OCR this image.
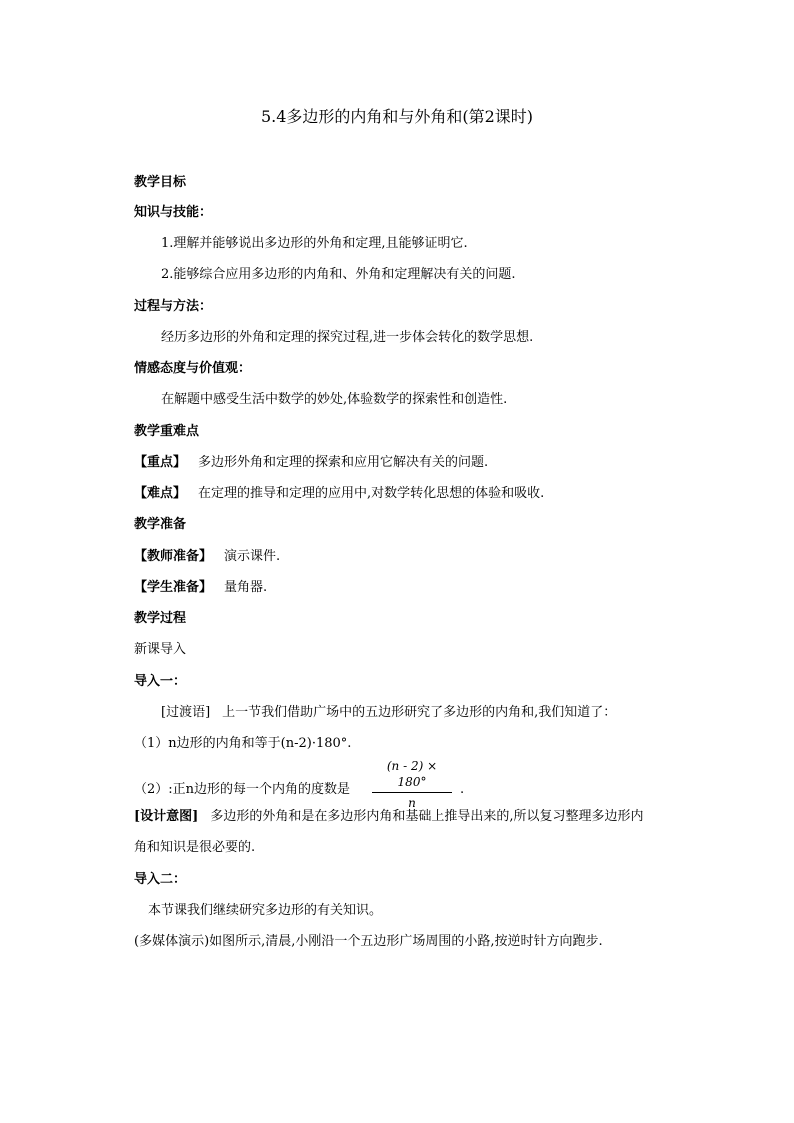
5.4多边形的内角和与外角和(第2课时)
教学目标
知识与技能：
1.理解并能够说出多边形的外角和定理,且能够证明它.
2.能够综合应用多边形的内角和、外角和定理解决有关的问题.
过程与方法：
经历多边形的外角和定理的探究过程,进一步体会转化的数学思想.
情感态度与价值观：
在解题中感受生活中数学的妙处,体验数学的探索性和创造性.
教学重难点
【重点】 多边形外角和定理的探索和应用它解决有关的问题.
【难点】 在定理的推导和定理的应用中,对数学转化思想的体验和吸收.
教学准备
【教师准备】 演示课件.
【学生准备】 量角器.
教学过程
新课导入
导入一：
[过渡语] 上一节我们借助广场中的五边形研究了多边形的内角和,我们知道了：
（1）n边形的内角和等于(n-2)·180°.
（2）:正n边形的每一个内角的度数是 $\frac{(n - 2) \times 180^\circ}{n}$ .
[设计意图] 多边形的外角和是在多边形内角和基础上推导出来的,所以复习整理多边形内
角和知识是很必要的.
导入二：
本节课我们继续研究多边形的有关知识。
(多媒体演示)如图所示,清晨,小刚沿一个五边形广场周围的小路,按逆时针方向跑步.
